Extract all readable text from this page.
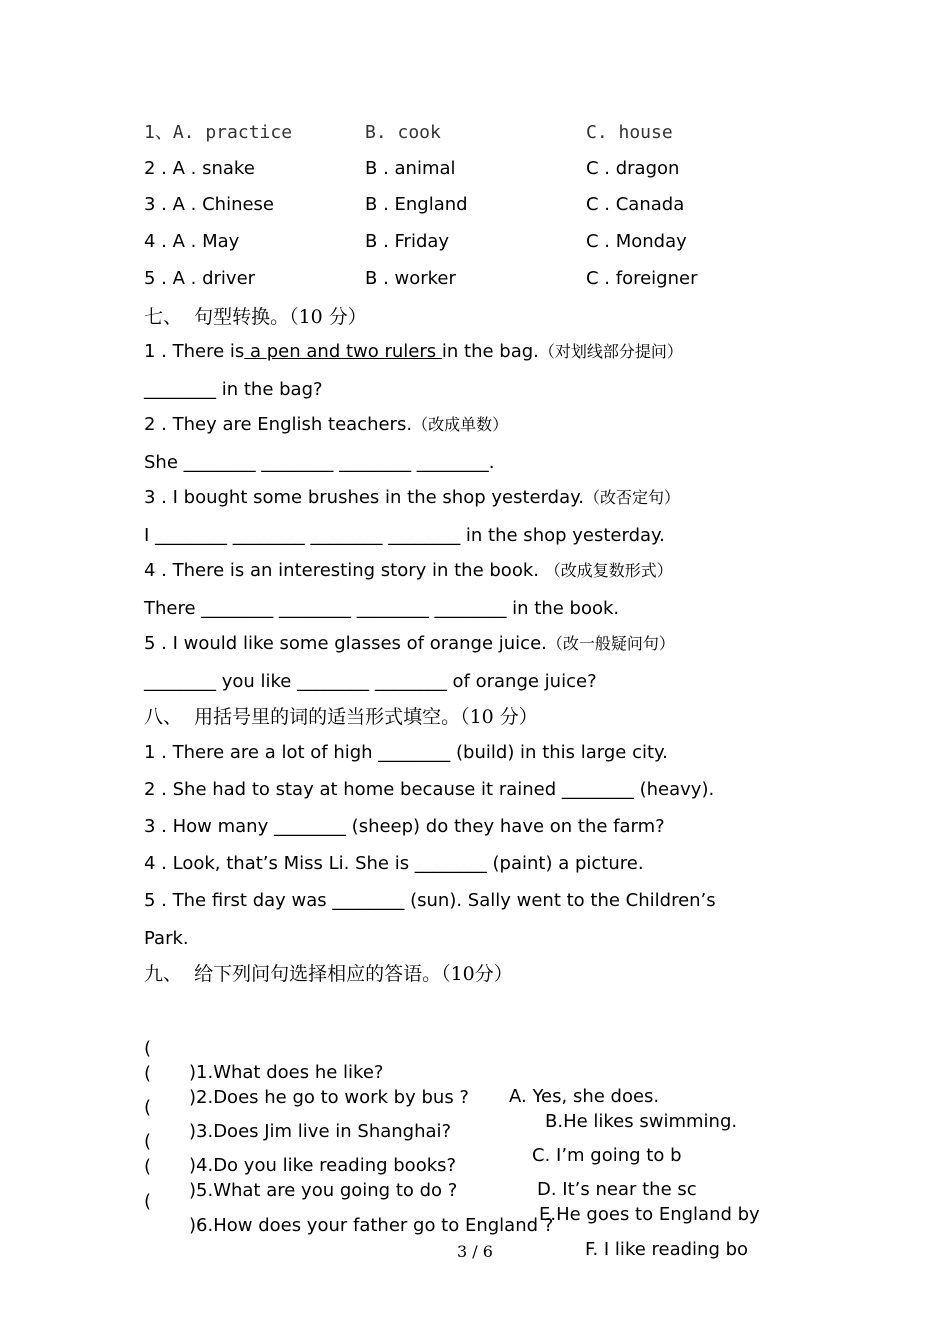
1、A. practice	B. cook	C. house
2 . A . snake	B . animal	C . dragon
3 . A . Chinese	B . England	C . Canada
4 . A . May	B . Friday	C . Monday
5 . A . driver	B . worker	C . foreigner
七、  句型转换。（10 分）
1 . There is a pen and two rulers in the bag.（对划线部分提问）
________ in the bag?
2 . They are English teachers.（改成单数）
She ________ ________ ________ ________.
3 . I bought some brushes in the shop yesterday.（改否定句）
I ________ ________ ________ ________ in the shop yesterday.
4 . There is an interesting story in the book. （改成复数形式）
There ________ ________ ________ ________ in the book.
5 . I would like some glasses of orange juice.（改一般疑问句）
________ you like ________ ________ of orange juice?
八、  用括号里的词的适当形式填空。（10 分）
1 . There are a lot of high ________ (build) in this large city.
2 . She had to stay at home because it rained ________ (heavy).
3 . How many ________ (sheep) do they have on the farm?
4 . Look, that’s Miss Li. She is ________ (paint) a picture.
5 . The first day was ________ (sun). Sally went to the Children’s
Park.
九、  给下列问句选择相应的答语。（10分）

(

)1.What does he like?

A. Yes, she does.

(

)2.Does he go to work by bus ?

B.He likes swimming.

(

)3.Does Jim live in Shanghai?

C. I’m going to b

(

)4.Do you like reading books?

D. It’s near the sc

(

)5.What are you going to do ?

E.He goes to England by

(

)6.How does your father go to England ?

F. I like reading bo

3 / 6
